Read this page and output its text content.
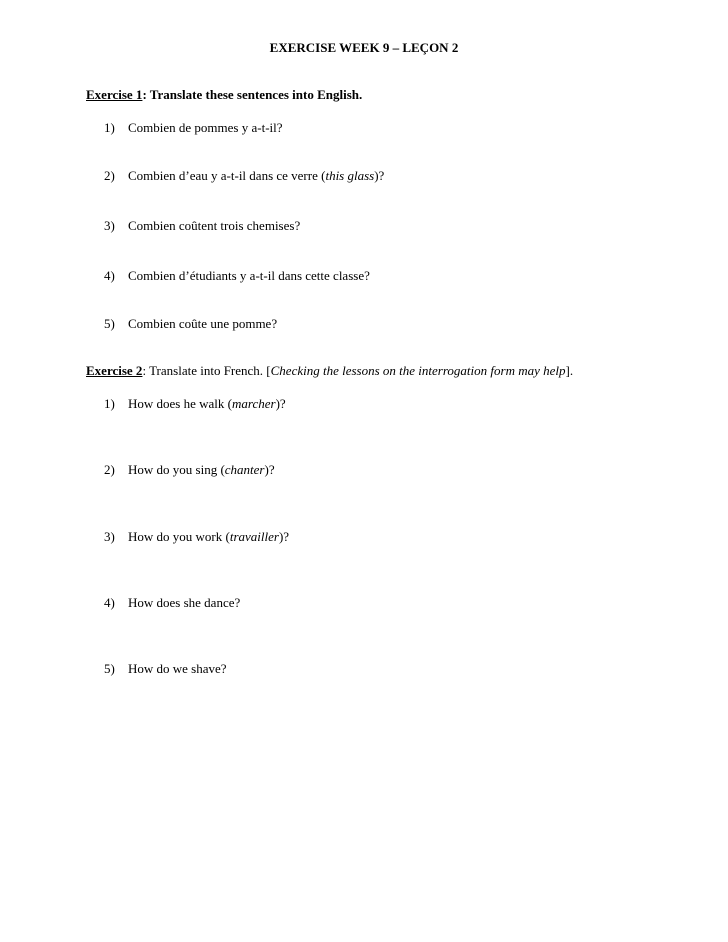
EXERCISE WEEK 9 – LEÇON 2
Exercise 1: Translate these sentences into English.
1) Combien de pommes y a-t-il?
2) Combien d’eau y a-t-il dans ce verre (this glass)?
3) Combien coûtent trois chemises?
4) Combien d’étudiants y a-t-il dans cette classe?
5) Combien coûte une pomme?
Exercise 2: Translate into French. [Checking the lessons on the interrogation form may help].
1) How does he walk (marcher)?
2) How do you sing (chanter)?
3) How do you work (travailler)?
4) How does she dance?
5) How do we shave?
